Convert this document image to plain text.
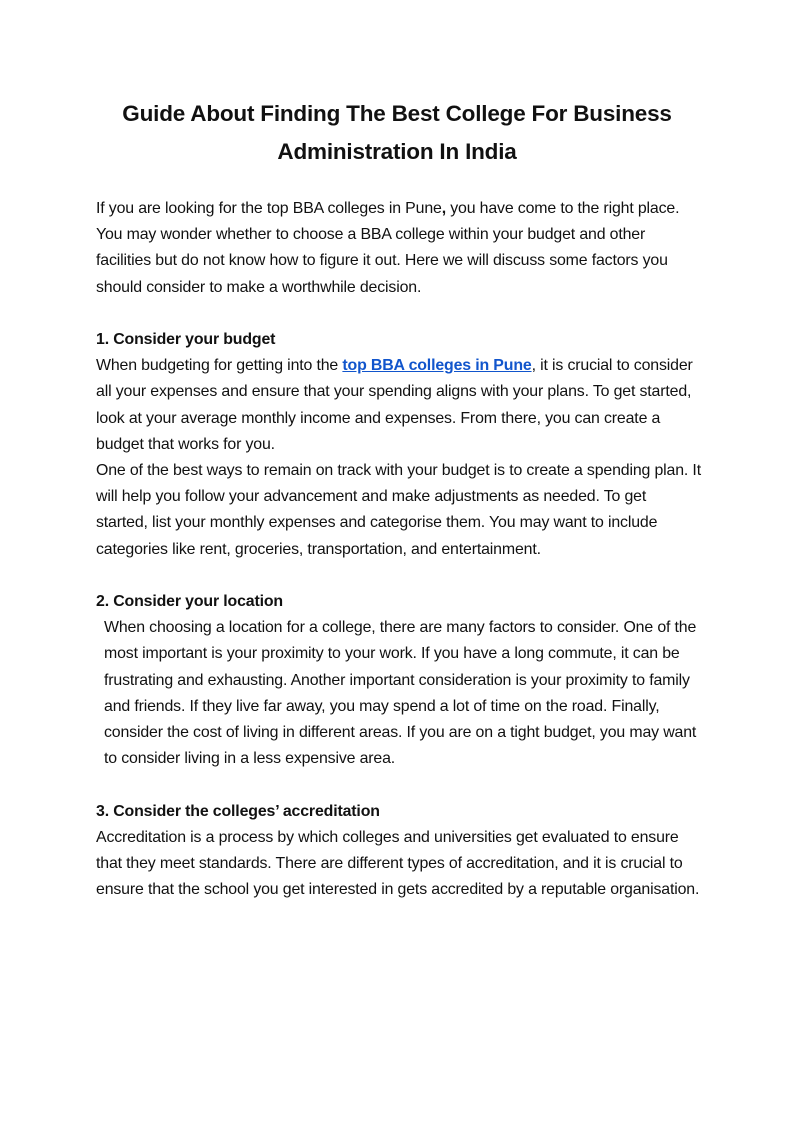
Guide About Finding The Best College For Business Administration In India

If you are looking for the top BBA colleges in Pune, you have come to the right place. You may wonder whether to choose a BBA college within your budget and other facilities but do not know how to figure it out. Here we will discuss some factors you should consider to make a worthwhile decision.

1. Consider your budget

When budgeting for getting into the top BBA colleges in Pune, it is crucial to consider all your expenses and ensure that your spending aligns with your plans. To get started, look at your average monthly income and expenses. From there, you can create a budget that works for you.

One of the best ways to remain on track with your budget is to create a spending plan. It will help you follow your advancement and make adjustments as needed. To get started, list your monthly expenses and categorise them. You may want to include categories like rent, groceries, transportation, and entertainment.

2. Consider your location

When choosing a location for a college, there are many factors to consider. One of the most important is your proximity to your work. If you have a long commute, it can be frustrating and exhausting. Another important consideration is your proximity to family and friends. If they live far away, you may spend a lot of time on the road. Finally, consider the cost of living in different areas. If you are on a tight budget, you may want to consider living in a less expensive area.

3. Consider the colleges’ accreditation

Accreditation is a process by which colleges and universities get evaluated to ensure that they meet standards. There are different types of accreditation, and it is crucial to ensure that the school you get interested in gets accredited by a reputable organisation.
